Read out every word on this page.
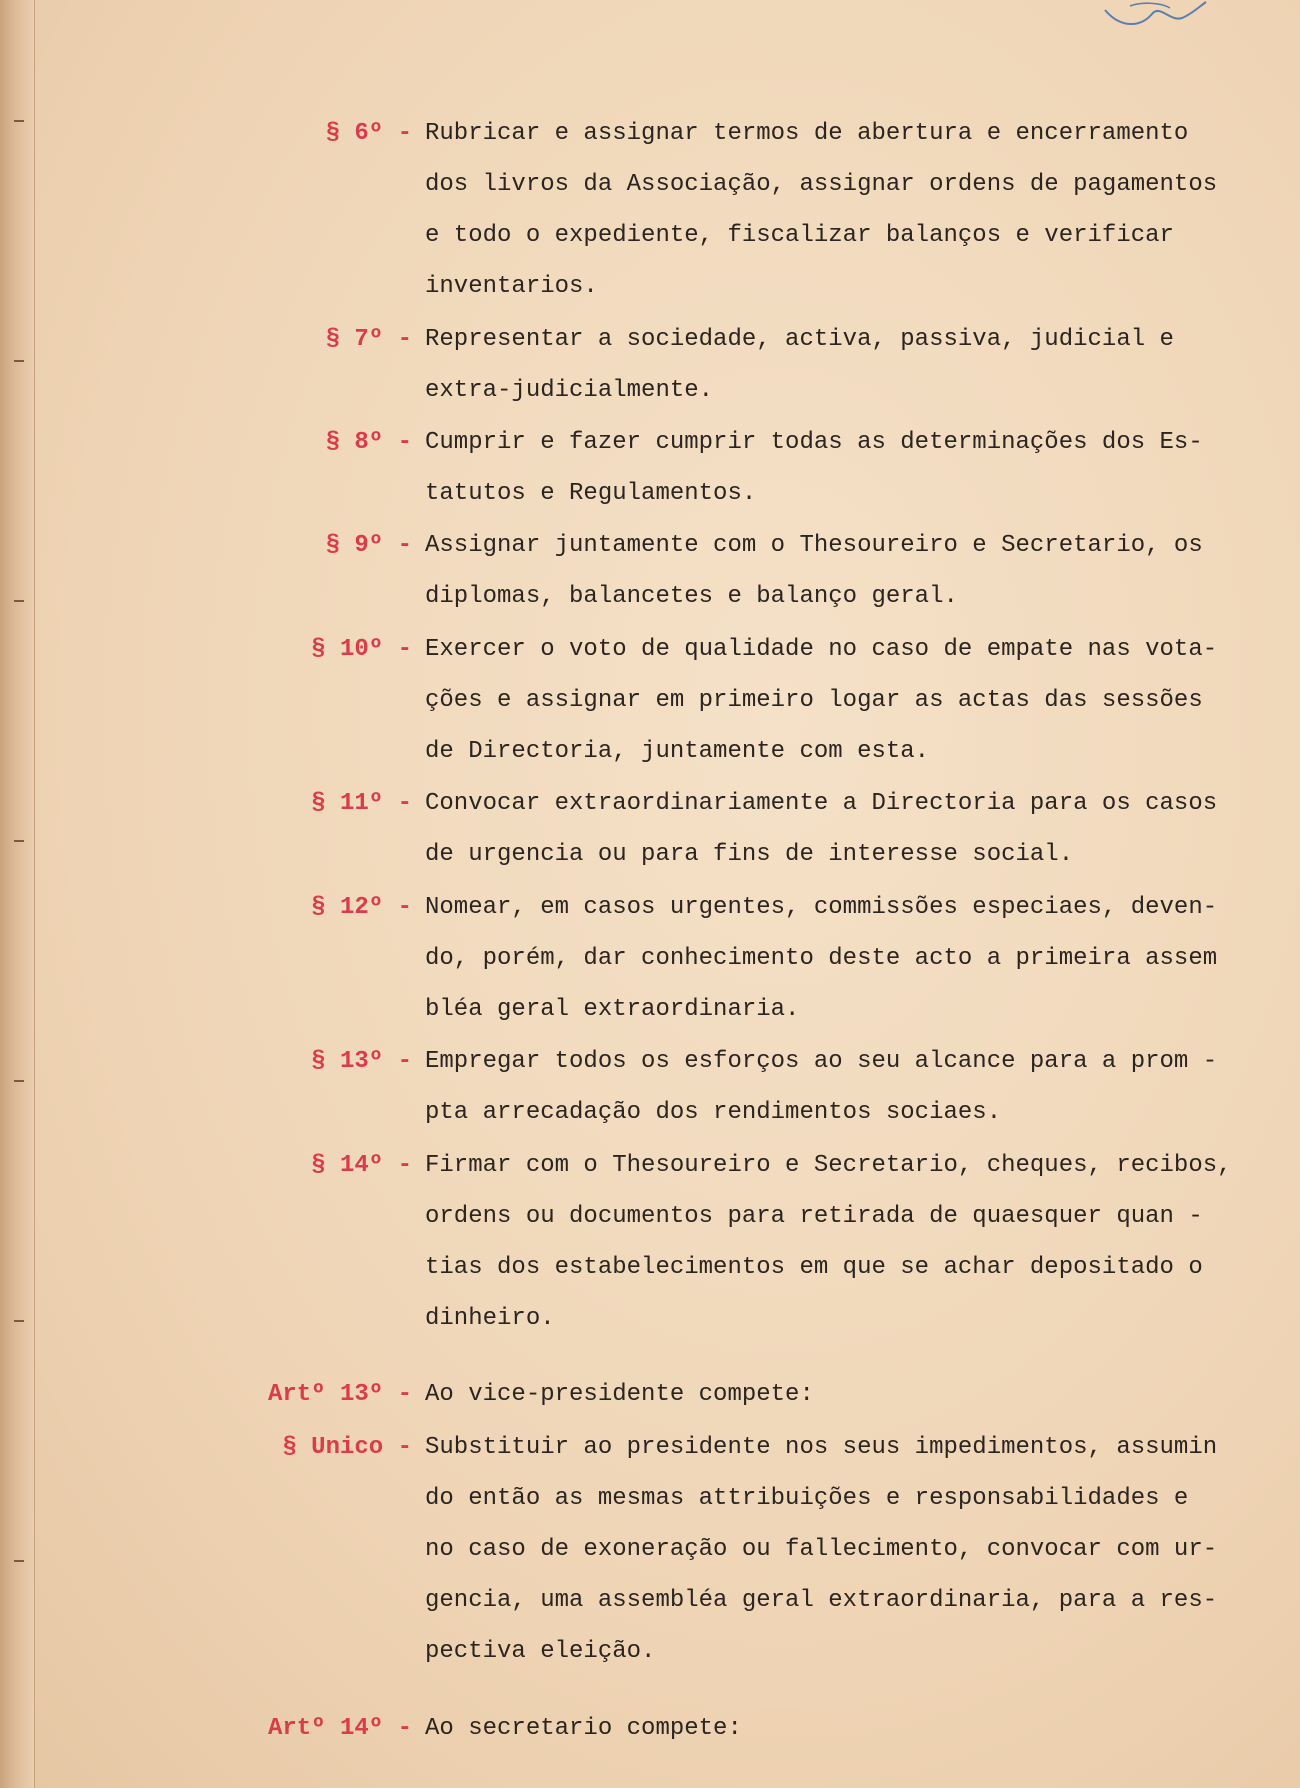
§ 6º - Rubricar e assignar termos de abertura e encerramento
dos livros da Associação, assignar ordens de pagamentos
e todo o expediente, fiscalizar balanços e verificar
inventarios.
§ 7º - Representar a sociedade, activa, passiva, judicial e
extra-judicialmente.
§ 8º - Cumprir e fazer cumprir todas as determinações dos Es-
tatutos e Regulamentos.
§ 9º - Assignar juntamente com o Thesoureiro e Secretario, os
diplomas, balancetes e balanço geral.
§ 10º - Exercer o voto de qualidade no caso de empate nas vota-
ções e assignar em primeiro logar as actas das sessões
de Directoria, juntamente com esta.
§ 11º - Convocar extraordinariamente a Directoria para os casos
de urgencia ou para fins de interesse social.
§ 12º - Nomear, em casos urgentes, commissões especiaes, deven-
do, porém, dar conhecimento deste acto a primeira assem
bléa geral extraordinaria.
§ 13º - Empregar todos os esforços ao seu alcance para a prom -
pta arrecadação dos rendimentos sociaes.
§ 14º - Firmar com o Thesoureiro e Secretario, cheques, recibos,
ordens ou documentos para retirada de quaesquer quan -
tias dos estabelecimentos em que se achar depositado o
dinheiro.
Artº 13º - Ao vice-presidente compete:
§ Unico - Substituir ao presidente nos seus impedimentos, assumin
do então as mesmas attribuições e responsabilidades e
no caso de exoneração ou fallecimento, convocar com ur-
gencia, uma assembléa geral extraordinaria, para a res-
pectiva eleição.
Artº 14º - Ao secretario compete:
